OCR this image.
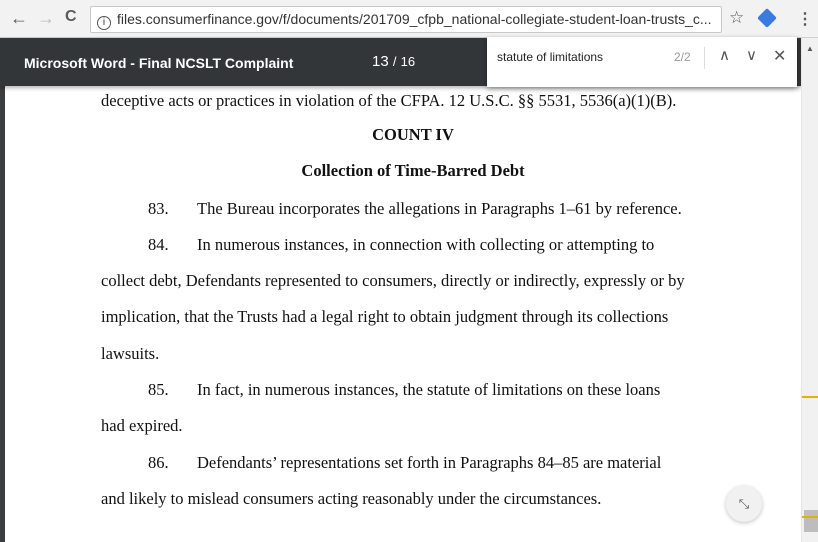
← → C	i files.consumerfinance.gov/f/documents/201709_cfpb_national-collegiate-student-loan-trusts_c...	☆	⋮
deceptive acts or practices in violation of the CFPA. 12 U.S.C. §§ 5531, 5536(a)(1)(B).
COUNT IV
Collection of Time-Barred Debt
83. The Bureau incorporates the allegations in Paragraphs 1–61 by reference.
84. In numerous instances, in connection with collecting or attempting to
collect debt, Defendants represented to consumers, directly or indirectly, expressly or by
implication, that the Trusts had a legal right to obtain judgment through its collections
lawsuits.
85. In fact, in numerous instances, the statute of limitations on these loans
had expired.
86. Defendants’ representations set forth in Paragraphs 84–85 are material
and likely to mislead consumers acting reasonably under the circumstances.
Microsoft Word - Final NCSLT Complaint	13 / 16	statute of limitations	2/2 ∧ ∨ ✕ ▲
⤡
